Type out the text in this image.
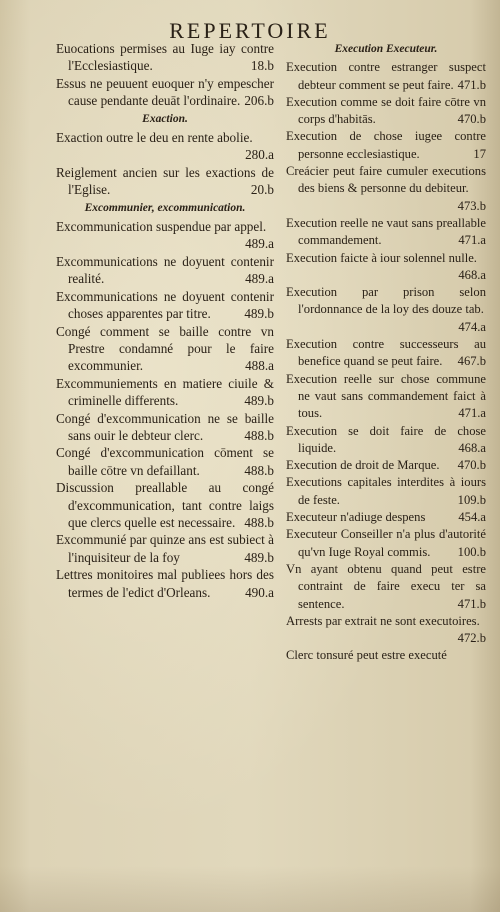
REPERTOIRE
Euocations permises au Iuge iay contre l'Ecclesiastique.	18.b
Essus ne peuuent euoquer n'y empescher cause pendante deuāt l'ordinaire. 206.b
Exaction.
Exaction outre le deu en rente abolie.
280.a
Reiglement ancien sur les exactions de l'Eglise.	20.b
Excommunier, excommunication.
Excommunication suspendue par appel.
489.a
Excommunications ne doyuent contenir realité.	489.a
Excommunications ne doyuent contenir choses apparentes par titre.	489.b
Congé comment se baille contre vn Prestre condamné pour le faire excommunier.	488.a
Excommuniements en matiere ciuile & criminelle differents.	489.b
Congé d'excommunication ne se baille sans ouir le debteur clerc.	488.b
Congé d'excommunication cōment se baille cōtre vn defaillant.	488.b
Discussion preallable au congé d'excommunication, tant contre laigs que clercs quelle est necessaire. 488.b
Excommunié par quinze ans est subiect à l'inquisiteur de la foy	489.b
Lettres monitoires mal publiees hors des termes de l'edict d'Orleans.	490.a
Execution Executeur.
Execution contre estranger suspect debteur comment se peut faire. 471.b
Execution comme se doit faire cōtre vn corps d'habitās.	470.b
Execution de chose iugee contre personne ecclesiastique.	17
Creácier peut faire cumuler executions des biens & personne du debiteur.
473.b
Execution reelle ne vaut sans preallable commandement.	471.a
Execution faicte à iour solennel nulle.
468.a
Execution par prison selon l'ordonnance de la loy des douze tab.
474.a
Execution contre successeurs au benefice quand se peut faire. 467.b
Execution reelle sur chose commune ne vaut sans commandement faict à tous.	471.a
Execution se doit faire de chose liquide.	468.a
Execution de droit de Marque. 470.b
Executions capitales interdites à iours de feste.	109.b
Executeur n'adiuge despens	454.a
Executeur Conseiller n'a plus d'autorité qu'vn Iuge Royal commis. 100.b
Vn ayant obtenu quand peut estre contraint de faire execu ter sa sentence.	471.b
Arrests par extrait ne sont executoires.
472.b
Clerc tonsuré peut estre executé
